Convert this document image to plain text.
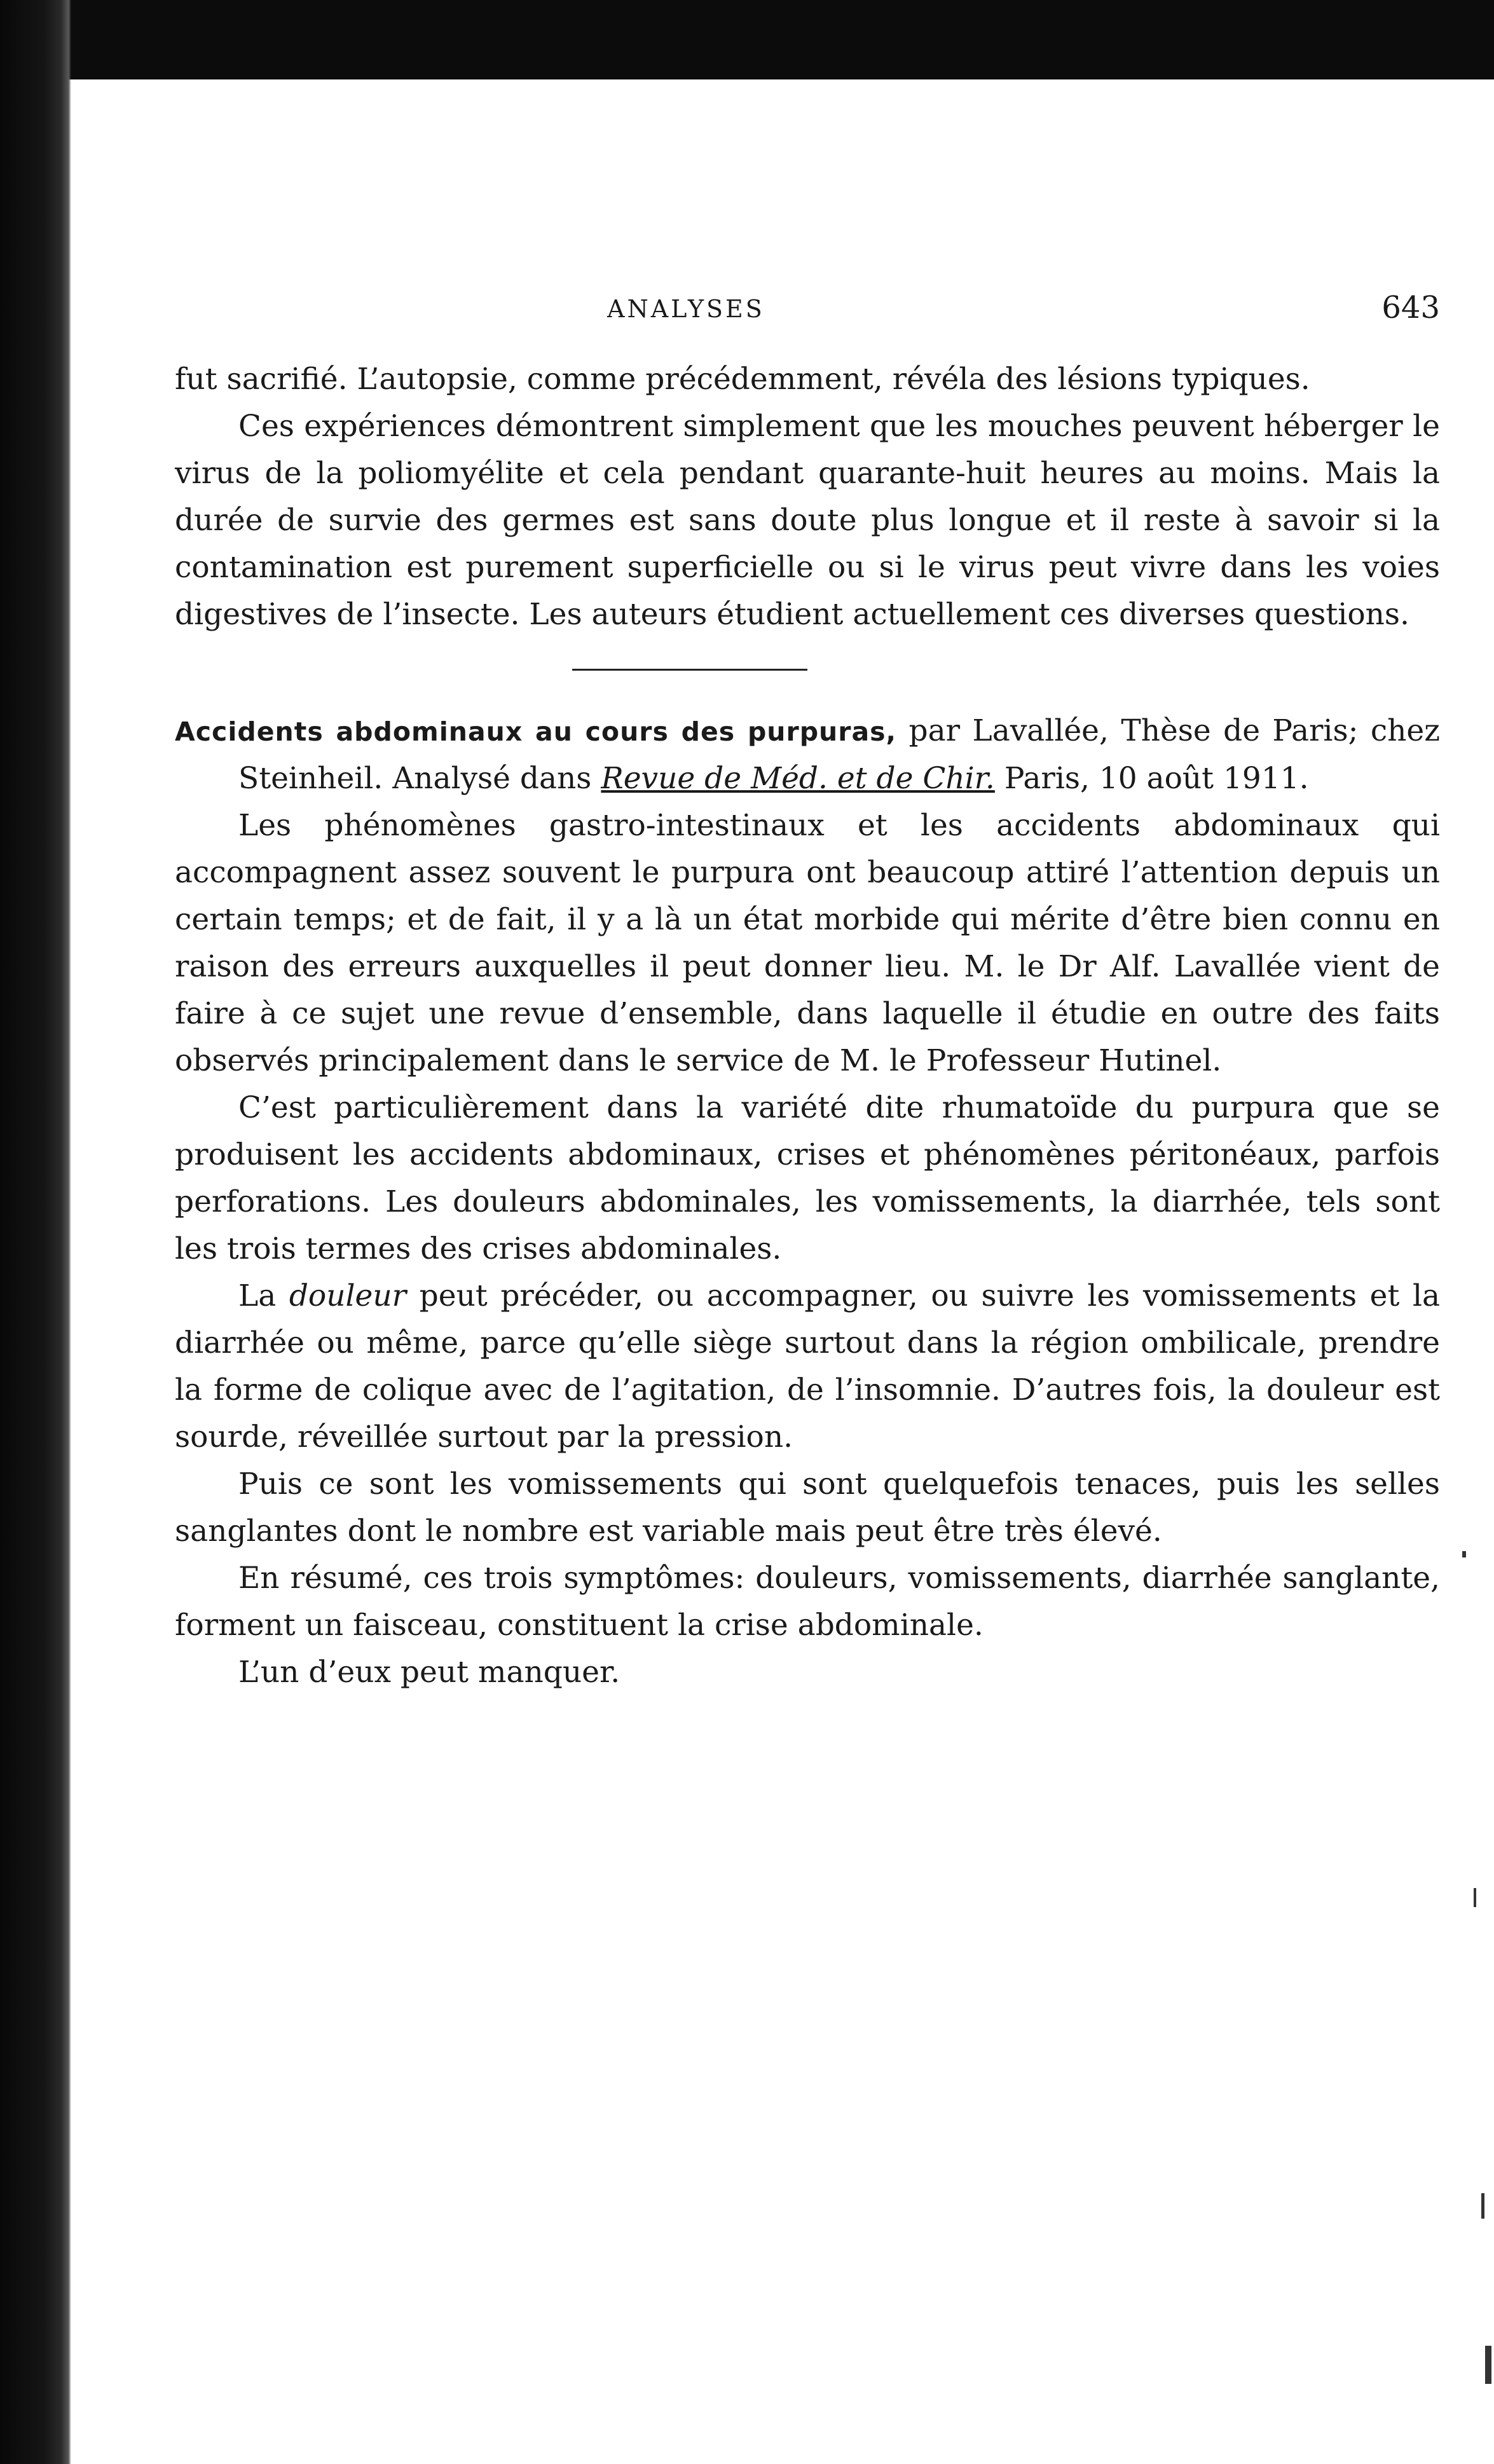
ANALYSES	643

fut sacrifié. L’autopsie, comme précédemment, révéla des lésions typiques.

Ces expériences démontrent simplement que les mouches peuvent héberger le virus de la poliomyélite et cela pendant quarante-huit heures au moins. Mais la durée de survie des germes est sans doute plus longue et il reste à savoir si la contamination est purement superficielle ou si le virus peut vivre dans les voies digestives de l’insecte. Les auteurs étudient actuellement ces diverses questions.

Accidents abdominaux au cours des purpuras, par Lavallée, Thèse de Paris; chez Steinheil. Analysé dans Revue de Méd. et de Chir. Paris, 10 août 1911.

Les phénomènes gastro-intestinaux et les accidents abdominaux qui accompagnent assez souvent le purpura ont beaucoup attiré l’attention depuis un certain temps; et de fait, il y a là un état morbide qui mérite d’être bien connu en raison des erreurs auxquelles il peut donner lieu. M. le Dr Alf. Lavallée vient de faire à ce sujet une revue d’ensemble, dans laquelle il étudie en outre des faits observés principalement dans le service de M. le Professeur Hutinel.

C’est particulièrement dans la variété dite rhumatoïde du purpura que se produisent les accidents abdominaux, crises et phénomènes péritonéaux, parfois perforations. Les douleurs abdominales, les vomissements, la diarrhée, tels sont les trois termes des crises abdominales.

La douleur peut précéder, ou accompagner, ou suivre les vomissements et la diarrhée ou même, parce qu’elle siège surtout dans la région ombilicale, prendre la forme de colique avec de l’agitation, de l’insomnie. D’autres fois, la douleur est sourde, réveillée surtout par la pression.

Puis ce sont les vomissements qui sont quelquefois tenaces, puis les selles sanglantes dont le nombre est variable mais peut être très élevé.

En résumé, ces trois symptômes: douleurs, vomissements, diarrhée sanglante, forment un faisceau, constituent la crise abdominale.

L’un d’eux peut manquer.
